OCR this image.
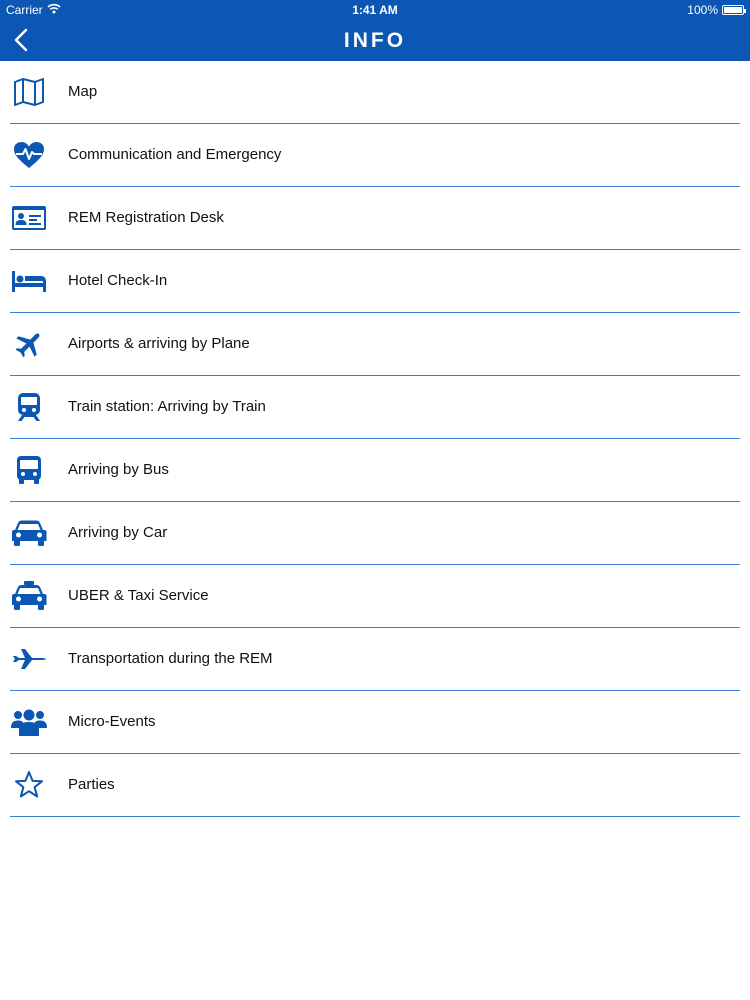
Carrier	1:41 AM	100%
INFO
Map
Communication and Emergency
REM Registration Desk
Hotel Check-In
Airports & arriving by Plane
Train station: Arriving by Train
Arriving by Bus
Arriving by Car
UBER & Taxi Service
Transportation during the REM
Micro-Events
Parties
